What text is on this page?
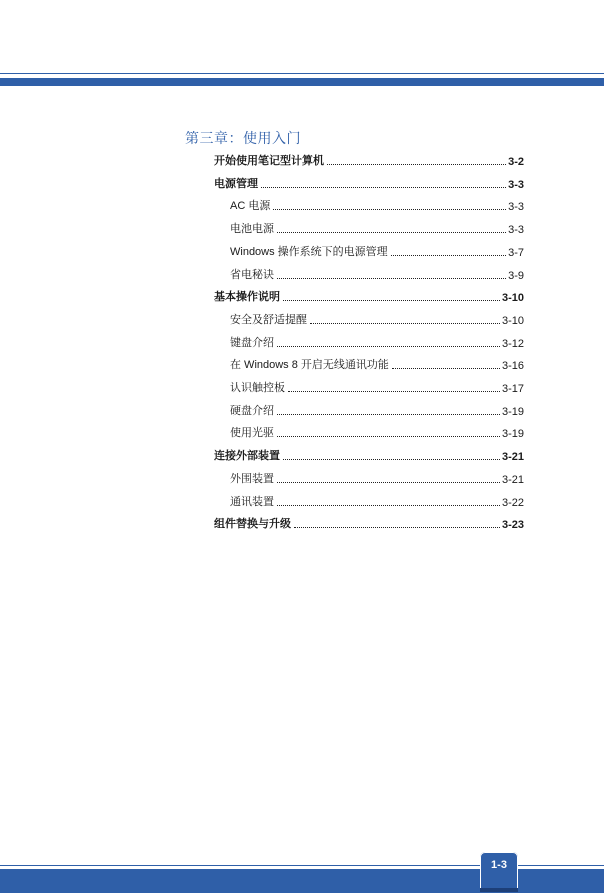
第三章：使用入门
开始使用笔记型计算机	3-2
电源管理	3-3
AC 电源	3-3
电池电源	3-3
Windows 操作系统下的电源管理	3-7
省电秘诀	3-9
基本操作说明	3-10
安全及舒适提醒	3-10
键盘介绍	3-12
在 Windows 8 开启无线通讯功能	3-16
认识触控板	3-17
硬盘介绍	3-19
使用光驱	3-19
连接外部装置	3-21
外围装置	3-21
通讯装置	3-22
组件替换与升级	3-23
1-3
